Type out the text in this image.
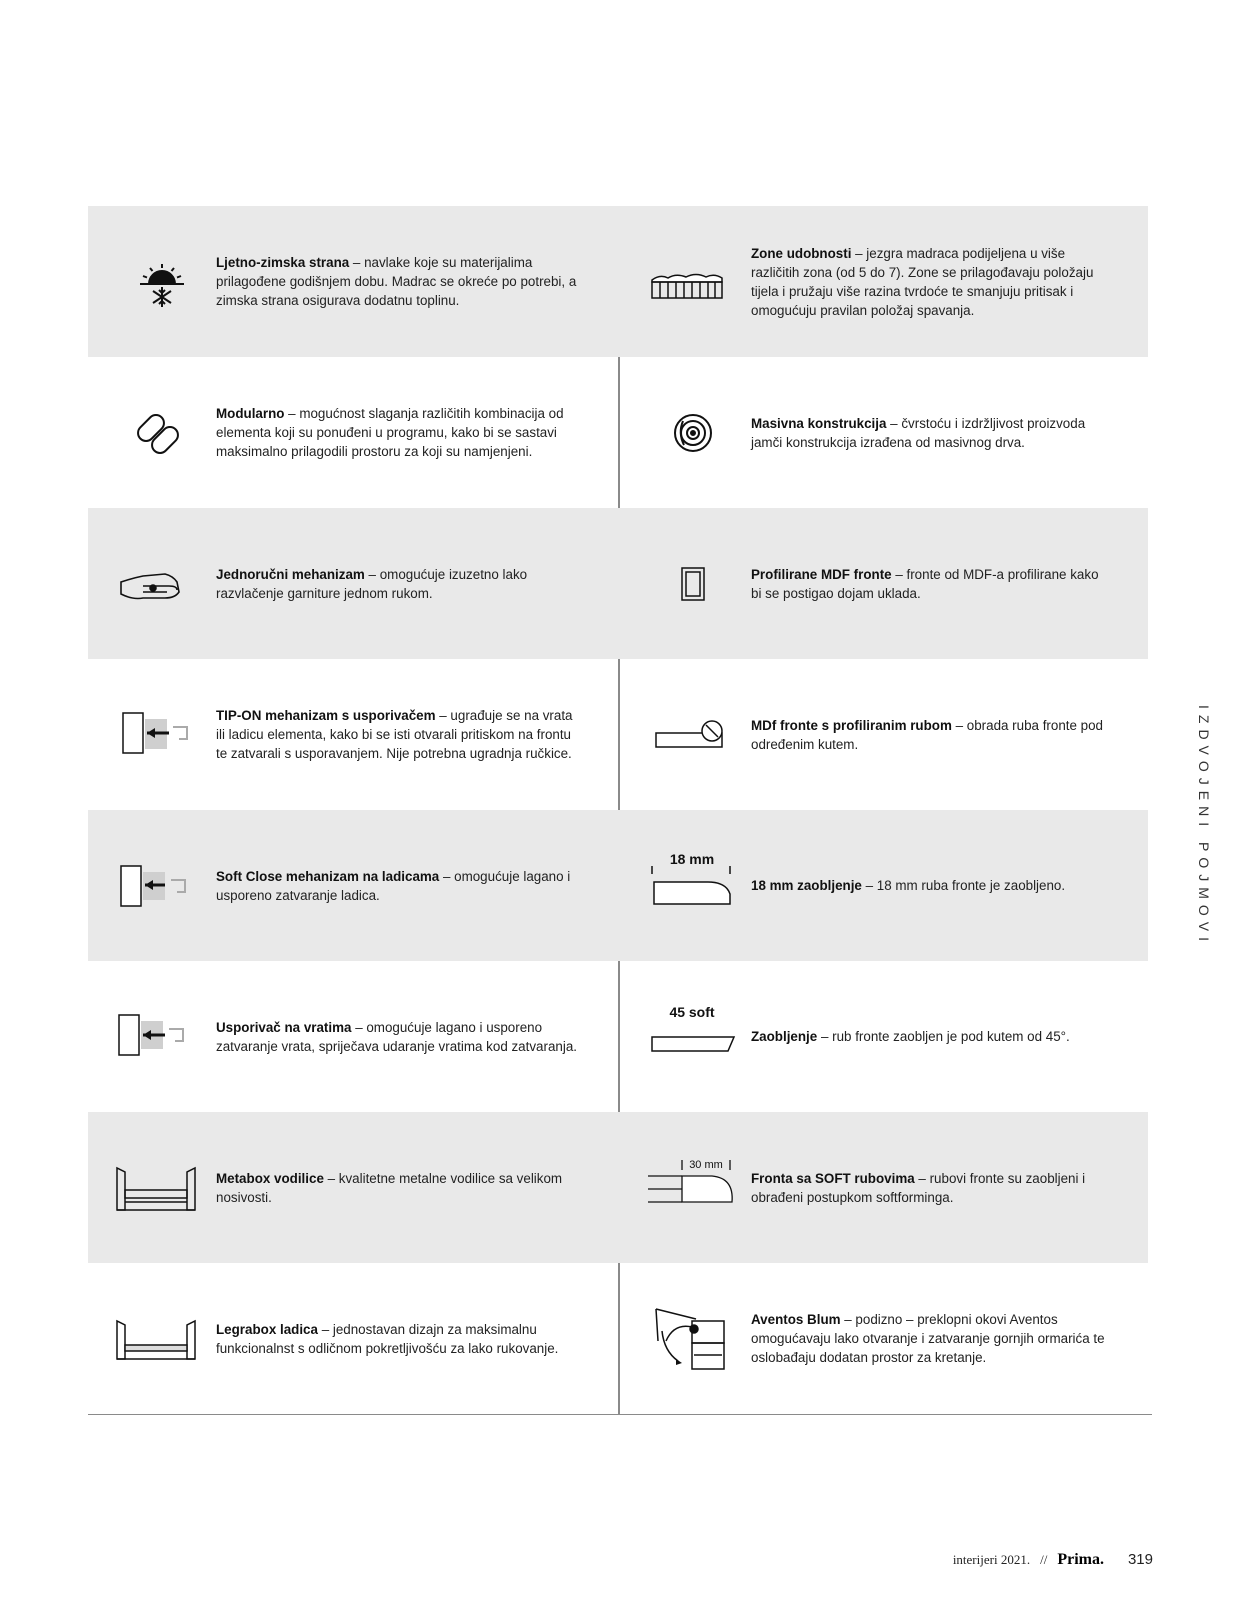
Ljetno-zimska strana – navlake koje su materijalima prilagođene godišnjem dobu. Madrac se okreće po potrebi, a zimska strana osigurava dodatnu toplinu.
Zone udobnosti – jezgra madraca podijeljena u više različitih zona (od 5 do 7). Zone se prilagođavaju položaju tijela i pružaju više razina tvrdoće te smanjuju pritisak i omogućuju pravilan položaj spavanja.
Modularno – mogućnost slaganja različitih kombinacija od elementa koji su ponuđeni u programu, kako bi se sastavi maksimalno prilagodili prostoru za koji su namjenjeni.
Masivna konstrukcija – čvrstoću i izdržljivost proizvoda jamči konstrukcija izrađena od masivnog drva.
Jednoručni mehanizam – omogućuje izuzetno lako razvlačenje garniture jednom rukom.
Profilirane MDF fronte – fronte od MDF-a profilirane kako bi se postigao dojam uklada.
TIP-ON mehanizam s usporivačem – ugrađuje se na vrata ili ladicu elementa, kako bi se isti otvarali pritiskom na frontu te zatvarali s usporavanjem. Nije potrebna ugradnja ručkice.
MDf fronte s profiliranim rubom – obrada ruba fronte pod određenim kutem.
Soft Close mehanizam na ladicama – omogućuje lagano i usporeno zatvaranje ladica.
18 mm
18 mm zaobljenje – 18 mm ruba fronte je zaobljeno.
Usporivač na vratima – omogućuje lagano i usporeno zatvaranje vrata, spriječava udaranje vratima kod zatvaranja.
45 soft
Zaobljenje – rub fronte zaobljen je pod kutem od 45°.
Metabox vodilice – kvalitetne metalne vodilice sa velikom nosivosti.
30 mm
Fronta sa SOFT rubovima – rubovi fronte su zaobljeni i obrađeni postupkom softforminga.
Legrabox ladica – jednostavan dizajn za maksimalnu funkcionalnst s odličnom pokretljivošću za lako rukovanje.
Aventos Blum – podizno – preklopni okovi Aventos omogućavaju lako otvaranje i zatvaranje gornjih ormarića te oslobađaju dodatan prostor za kretanje.
IZDVOJENI POJMOVI
interijeri 2021. // Prima. 319
